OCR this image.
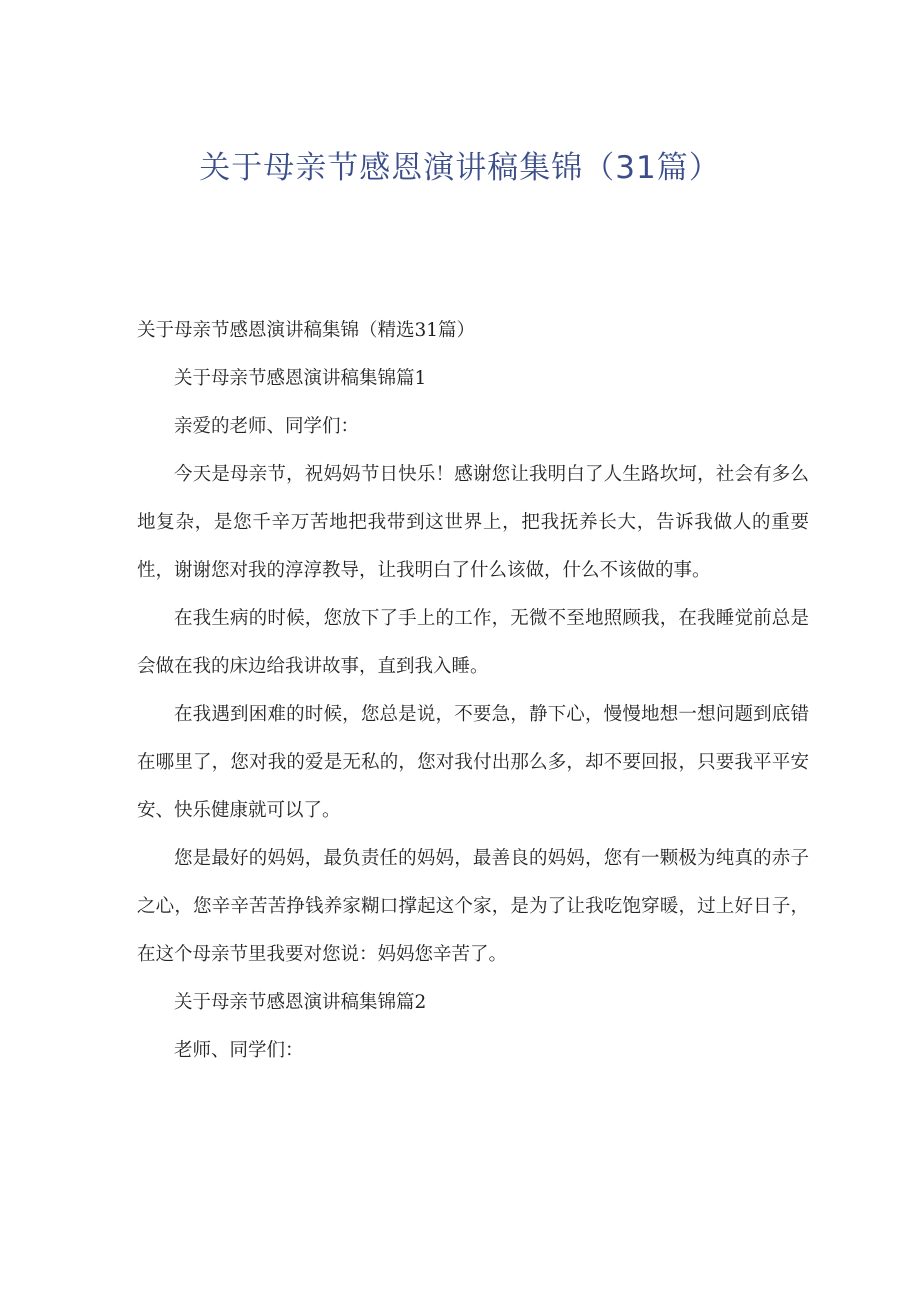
关于母亲节感恩演讲稿集锦（31篇）

关于母亲节感恩演讲稿集锦（精选31篇）

关于母亲节感恩演讲稿集锦篇1

亲爱的老师、同学们：

今天是母亲节，祝妈妈节日快乐！感谢您让我明白了人生路坎坷，社会有多么地复杂，是您千辛万苦地把我带到这世界上，把我抚养长大，告诉我做人的重要性，谢谢您对我的淳淳教导，让我明白了什么该做，什么不该做的事。

在我生病的时候，您放下了手上的工作，无微不至地照顾我，在我睡觉前总是会做在我的床边给我讲故事，直到我入睡。

在我遇到困难的时候，您总是说，不要急，静下心，慢慢地想一想问题到底错在哪里了，您对我的爱是无私的，您对我付出那么多，却不要回报，只要我平平安安、快乐健康就可以了。

您是最好的妈妈，最负责任的妈妈，最善良的妈妈，您有一颗极为纯真的赤子之心，您辛辛苦苦挣钱养家糊口撑起这个家，是为了让我吃饱穿暖，过上好日子，在这个母亲节里我要对您说：妈妈您辛苦了。

关于母亲节感恩演讲稿集锦篇2

老师、同学们：
